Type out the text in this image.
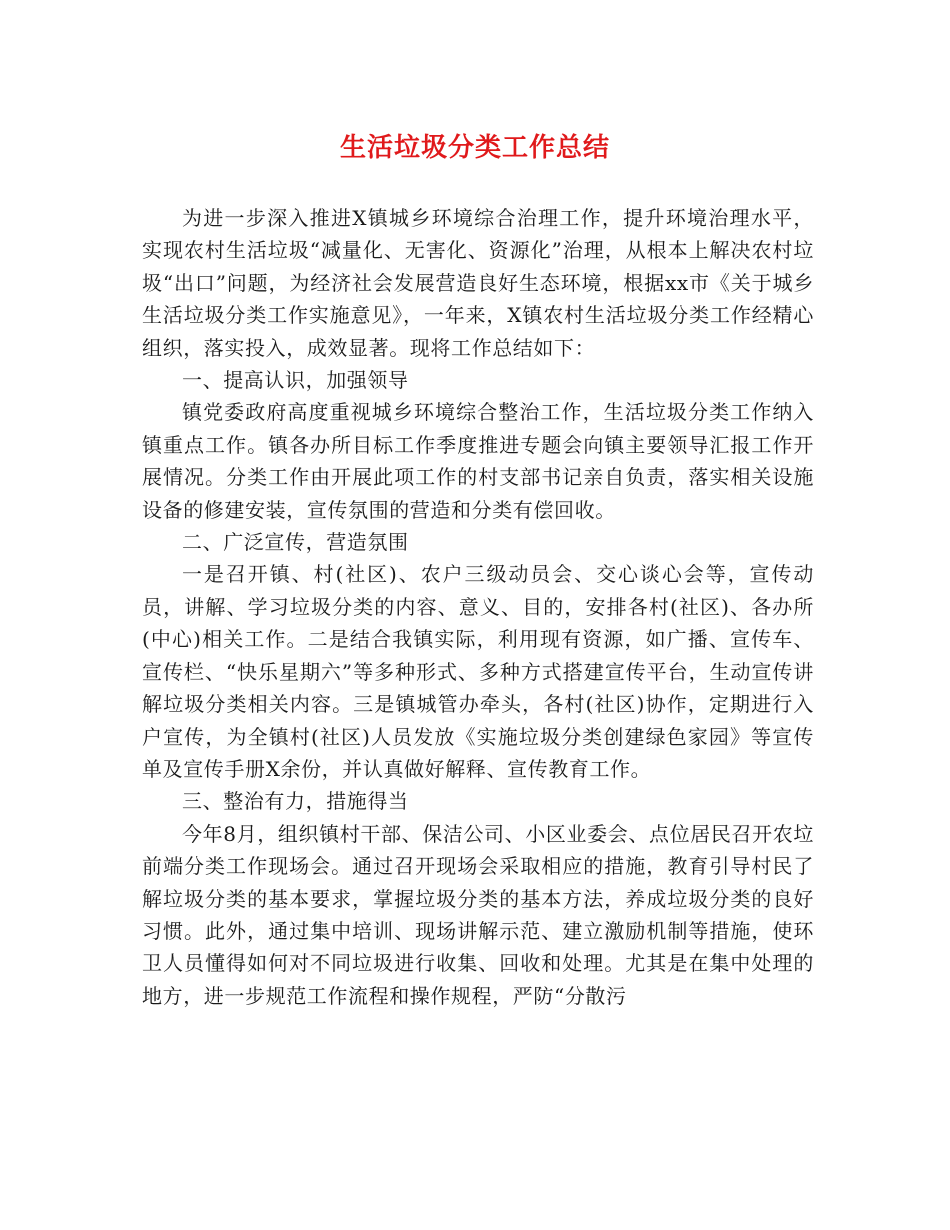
生活垃圾分类工作总结

为进一步深入推进X镇城乡环境综合治理工作，提升环境治理水平，实现农村生活垃圾“减量化、无害化、资源化”治理，从根本上解决农村垃圾“出口”问题，为经济社会发展营造良好生态环境，根据xx市《关于城乡生活垃圾分类工作实施意见》，一年来，X镇农村生活垃圾分类工作经精心组织，落实投入，成效显著。现将工作总结如下：

一、提高认识，加强领导

镇党委政府高度重视城乡环境综合整治工作，生活垃圾分类工作纳入镇重点工作。镇各办所目标工作季度推进专题会向镇主要领导汇报工作开展情况。分类工作由开展此项工作的村支部书记亲自负责，落实相关设施设备的修建安装，宣传氛围的营造和分类有偿回收。

二、广泛宣传，营造氛围

一是召开镇、村(社区)、农户三级动员会、交心谈心会等，宣传动员，讲解、学习垃圾分类的内容、意义、目的，安排各村(社区)、各办所(中心)相关工作。二是结合我镇实际，利用现有资源，如广播、宣传车、宣传栏、“快乐星期六”等多种形式、多种方式搭建宣传平台，生动宣传讲解垃圾分类相关内容。三是镇城管办牵头，各村(社区)协作，定期进行入户宣传，为全镇村(社区)人员发放《实施垃圾分类创建绿色家园》等宣传单及宣传手册X余份，并认真做好解释、宣传教育工作。

三、整治有力，措施得当

今年8月，组织镇村干部、保洁公司、小区业委会、点位居民召开农垃前端分类工作现场会。通过召开现场会采取相应的措施，教育引导村民了解垃圾分类的基本要求，掌握垃圾分类的基本方法，养成垃圾分类的良好习惯。此外，通过集中培训、现场讲解示范、建立激励机制等措施，使环卫人员懂得如何对不同垃圾进行收集、回收和处理。尤其是在集中处理的地方，进一步规范工作流程和操作规程，严防“分散污
